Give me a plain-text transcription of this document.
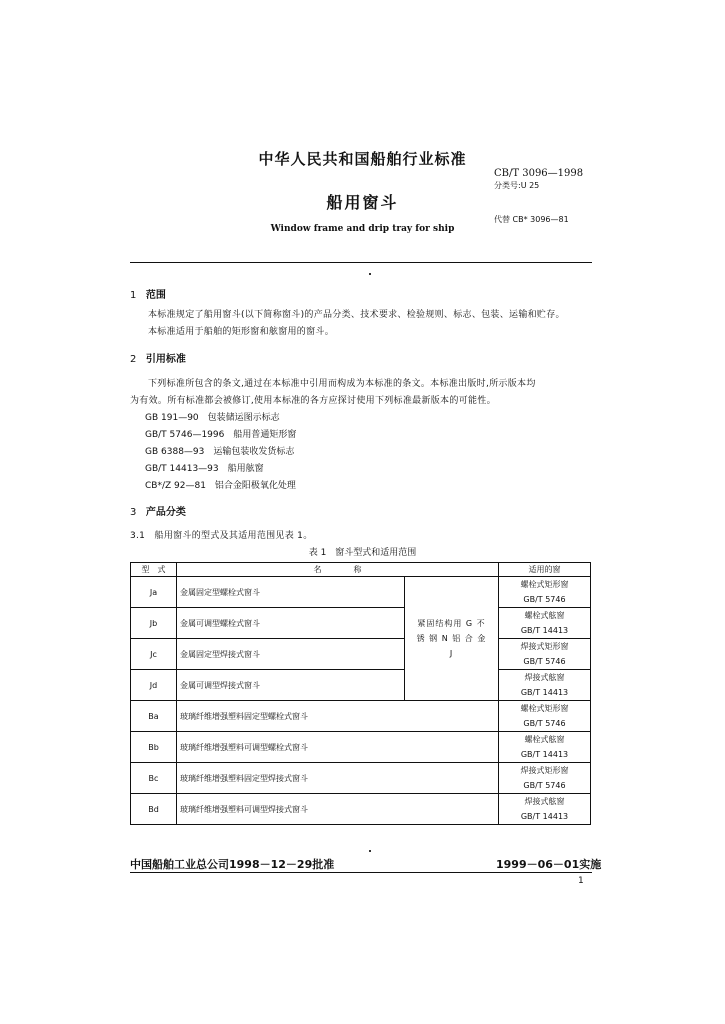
中华人民共和国船舶行业标准
CB/T 3096—1998
分类号:U 25
船用窗斗
代替 CB* 3096—81
Window frame and drip tray for ship
1 范围
本标准规定了船用窗斗(以下简称窗斗)的产品分类、技术要求、检验规则、标志、包装、运输和贮存。
本标准适用于船舶的矩形窗和舷窗用的窗斗。
2 引用标准
下列标准所包含的条文,通过在本标准中引用而构成为本标准的条文。本标准出版时,所示版本均
为有效。所有标准都会被修订,使用本标准的各方应探讨使用下列标准最新版本的可能性。
GB 191—90　包装储运图示标志
GB/T 5746—1996　船用普通矩形窗
GB 6388—93　运输包装收发货标志
GB/T 14413—93　船用舷窗
CB*/Z 92—81　铝合金阳极氧化处理
3 产品分类
3.1　船用窗斗的型式及其适用范围见表 1。
表 1　窗斗型式和适用范围
型　式	名　　　　称		适用的窗
Ja	金属固定型螺栓式窗斗	紧固结构用 G 不 锈 钢 N 铝 合 金 J	螺栓式矩形窗
GB/T 5746

Jb	金属可调型螺栓式窗斗		螺栓式舷窗
GB/T 14413

Jc	金属固定型焊接式窗斗		焊接式矩形窗
GB/T 5746

Jd	金属可调型焊接式窗斗		焊接式舷窗
GB/T 14413

Ba	玻璃纤维增强塑料固定型螺栓式窗斗		螺栓式矩形窗
GB/T 5746

Bb	玻璃纤维增强塑料可调型螺栓式窗斗		螺栓式舷窗
GB/T 14413

Bc	玻璃纤维增强塑料固定型焊接式窗斗		焊接式矩形窗
GB/T 5746

Bd	玻璃纤维增强塑料可调型焊接式窗斗		焊接式舷窗
GB/T 14413
中国船舶工业总公司1998－12－29批准	1999－06－01实施
1
